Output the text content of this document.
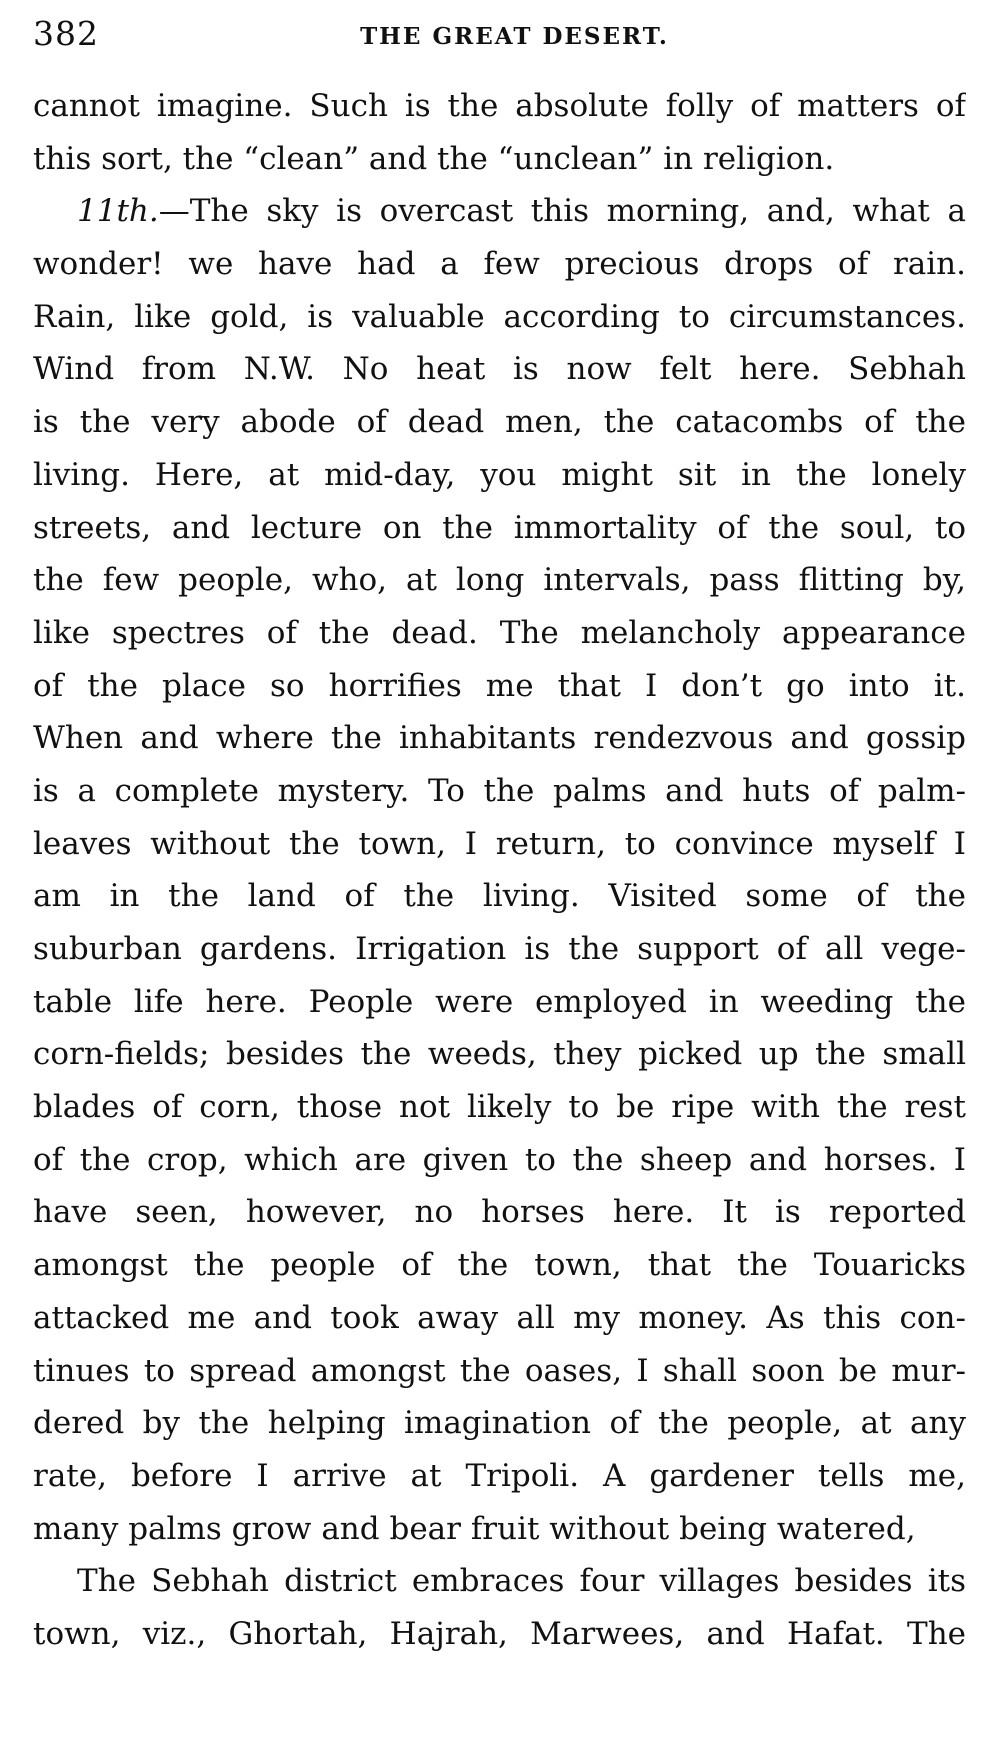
382	THE GREAT DESERT.
cannot imagine. Such is the absolute folly of matters of
this sort, the “clean” and the “unclean” in religion.
11th.—The sky is overcast this morning, and, what a
wonder! we have had a few precious drops of rain.
Rain, like gold, is valuable according to circumstances.
Wind from N.W. No heat is now felt here. Sebhah
is the very abode of dead men, the catacombs of the
living. Here, at mid-day, you might sit in the lonely
streets, and lecture on the immortality of the soul, to
the few people, who, at long intervals, pass flitting by,
like spectres of the dead. The melancholy appearance
of the place so horrifies me that I don’t go into it.
When and where the inhabitants rendezvous and gossip
is a complete mystery. To the palms and huts of palm-
leaves without the town, I return, to convince myself I
am in the land of the living. Visited some of the
suburban gardens. Irrigation is the support of all vege-
table life here. People were employed in weeding the
corn-fields; besides the weeds, they picked up the small
blades of corn, those not likely to be ripe with the rest
of the crop, which are given to the sheep and horses. I
have seen, however, no horses here. It is reported
amongst the people of the town, that the Touaricks
attacked me and took away all my money. As this con-
tinues to spread amongst the oases, I shall soon be mur-
dered by the helping imagination of the people, at any
rate, before I arrive at Tripoli. A gardener tells me,
many palms grow and bear fruit without being watered,
The Sebhah district embraces four villages besides its
town, viz., Ghortah, Hajrah, Marwees, and Hafat. The
